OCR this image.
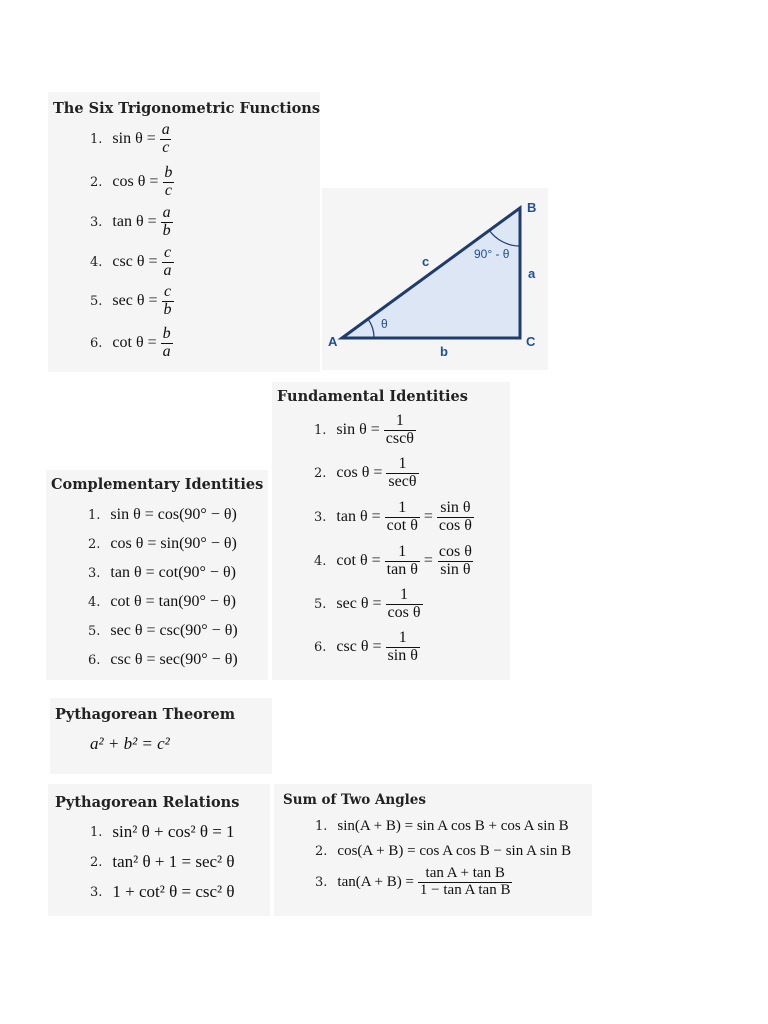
The Six Trigonometric Functions
1. $\sin \theta = \frac{a}{c}$
2. $\cos \theta = \frac{b}{c}$
3. $\tan \theta = \frac{a}{b}$
4. $\csc \theta = \frac{c}{a}$
5. $\sec \theta = \frac{c}{b}$
6. $\cot \theta = \frac{b}{a}$	A
B
C
a
b
c
θ
90° - θ
Fundamental Identities
1. $\sin \theta = \frac{1}{\csc\theta}$
2. $\cos \theta = \frac{1}{\sec\theta}$
3. $\tan \theta = \frac{1}{\text{cot θ}} = \frac{\text{sin θ}}{\text{cos θ}}$
4. $\cot \theta = \frac{1}{\text{tan θ}} = \frac{\text{cos θ}}{\text{sin θ}}$
5. $\sec \theta = \frac{1}{\text{cos θ}}$
6. $\csc \theta = \frac{1}{\text{sin θ}}$
Complementary Identities
1. sin θ = cos(90° − θ)
2. cos θ = sin(90° − θ)
3. tan θ = cot(90° − θ)
4. cot θ = tan(90° − θ)
5. sec θ = csc(90° − θ)
6. csc θ = sec(90° − θ)
Pythagorean Theorem
a² + b² = c²
Pythagorean Relations
1. sin² θ + cos² θ = 1
2. tan² θ + 1 = sec² θ
3. 1 + cot² θ = csc² θ
Sum of Two Angles
1. sin(A + B) = sin A cos B + cos A sin B
2. cos(A + B) = cos A cos B − sin A sin B
3. $\tan(A + B) = \frac{\text{tan A + tan B}}{\text{1 − tan A tan B}}$
